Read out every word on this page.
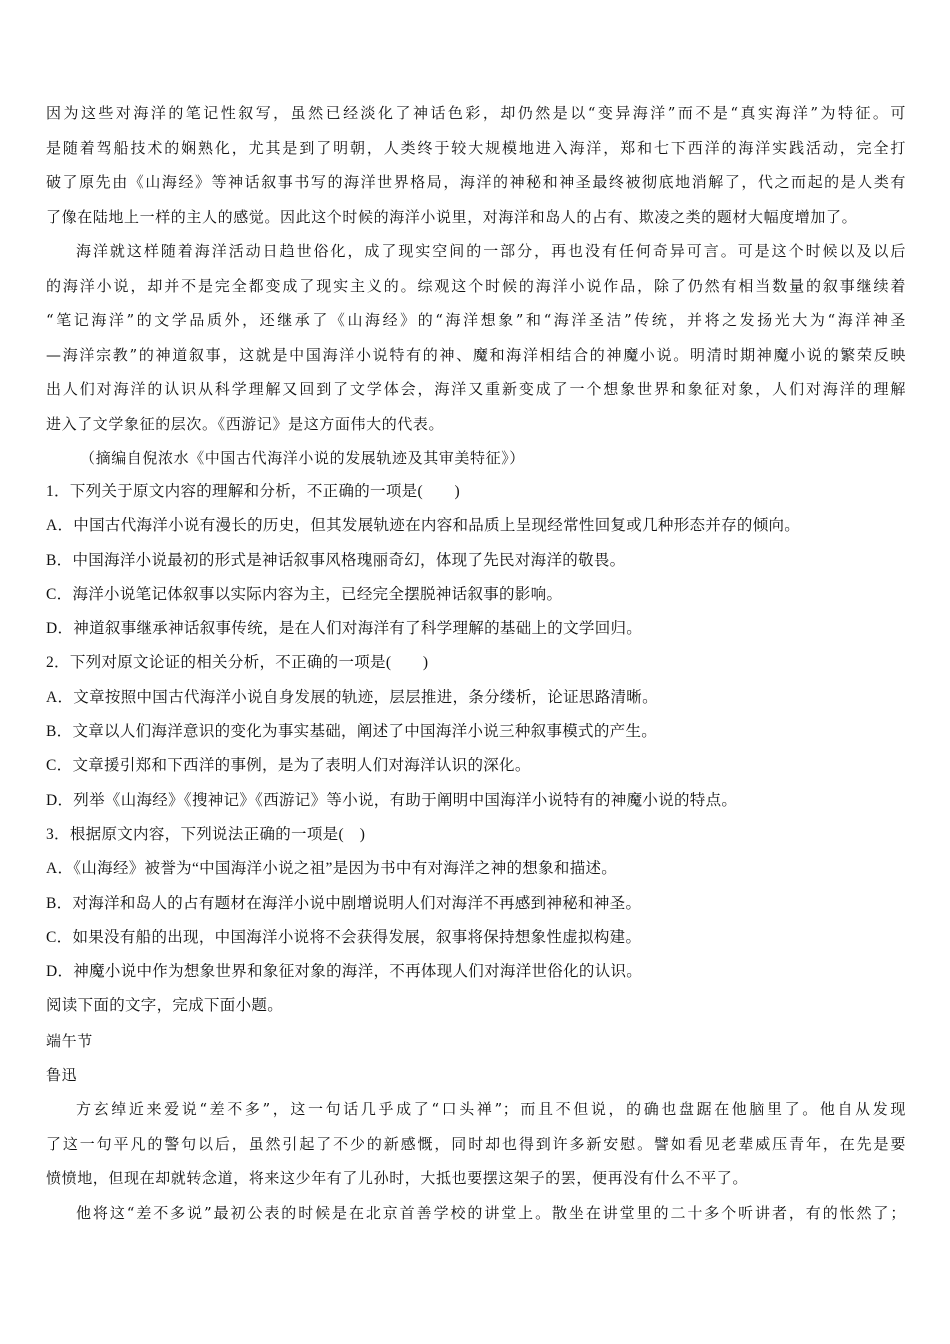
因为这些对海洋的笔记性叙写，虽然已经淡化了神话色彩，却仍然是以“变异海洋”而不是“真实海洋”为特征。可

是随着驾船技术的娴熟化，尤其是到了明朝，人类终于较大规模地进入海洋，郑和七下西洋的海洋实践活动，完全打

破了原先由《山海经》等神话叙事书写的海洋世界格局，海洋的神秘和神圣最终被彻底地消解了，代之而起的是人类有

了像在陆地上一样的主人的感觉。因此这个时候的海洋小说里，对海洋和岛人的占有、欺凌之类的题材大幅度增加了。

海洋就这样随着海洋活动日趋世俗化，成了现实空间的一部分，再也没有任何奇异可言。可是这个时候以及以后

的海洋小说，却并不是完全都变成了现实主义的。综观这个时候的海洋小说作品，除了仍然有相当数量的叙事继续着

“笔记海洋”的文学品质外，还继承了《山海经》的“海洋想象”和“海洋圣洁”传统，并将之发扬光大为“海洋神圣

—海洋宗教”的神道叙事，这就是中国海洋小说特有的神、魔和海洋相结合的神魔小说。明清时期神魔小说的繁荣反映

出人们对海洋的认识从科学理解又回到了文学体会，海洋又重新变成了一个想象世界和象征对象，人们对海洋的理解

进入了文学象征的层次。《西游记》是这方面伟大的代表。

（摘编自倪浓水《中国古代海洋小说的发展轨迹及其审美特征》）

1．下列关于原文内容的理解和分析，不正确的一项是(　　)

A．中国古代海洋小说有漫长的历史，但其发展轨迹在内容和品质上呈现经常性回复或几种形态并存的倾向。

B．中国海洋小说最初的形式是神话叙事风格瑰丽奇幻，体现了先民对海洋的敬畏。

C．海洋小说笔记体叙事以实际内容为主，已经完全摆脱神话叙事的影响。

D．神道叙事继承神话叙事传统，是在人们对海洋有了科学理解的基础上的文学回归。

2．下列对原文论证的相关分析，不正确的一项是(　　)

A．文章按照中国古代海洋小说自身发展的轨迹，层层推进，条分缕析，论证思路清晰。

B．文章以人们海洋意识的变化为事实基础，阐述了中国海洋小说三种叙事模式的产生。

C．文章援引郑和下西洋的事例，是为了表明人们对海洋认识的深化。

D．列举《山海经》《搜神记》《西游记》等小说，有助于阐明中国海洋小说特有的神魔小说的特点。

3．根据原文内容，下列说法正确的一项是(　)

A．《山海经》被誉为“中国海洋小说之祖”是因为书中有对海洋之神的想象和描述。

B．对海洋和岛人的占有题材在海洋小说中剧增说明人们对海洋不再感到神秘和神圣。

C．如果没有船的出现，中国海洋小说将不会获得发展，叙事将保持想象性虚拟构建。

D．神魔小说中作为想象世界和象征对象的海洋，不再体现人们对海洋世俗化的认识。

阅读下面的文字，完成下面小题。

端午节

鲁迅

方玄绰近来爱说“差不多”，这一句话几乎成了“口头禅”；而且不但说，的确也盘踞在他脑里了。他自从发现

了这一句平凡的警句以后，虽然引起了不少的新感慨，同时却也得到许多新安慰。譬如看见老辈威压青年，在先是要

愤愤地，但现在却就转念道，将来这少年有了儿孙时，大抵也要摆这架子的罢，便再没有什么不平了。

他将这“差不多说”最初公表的时候是在北京首善学校的讲堂上。散坐在讲堂里的二十多个听讲者，有的怅然了；
